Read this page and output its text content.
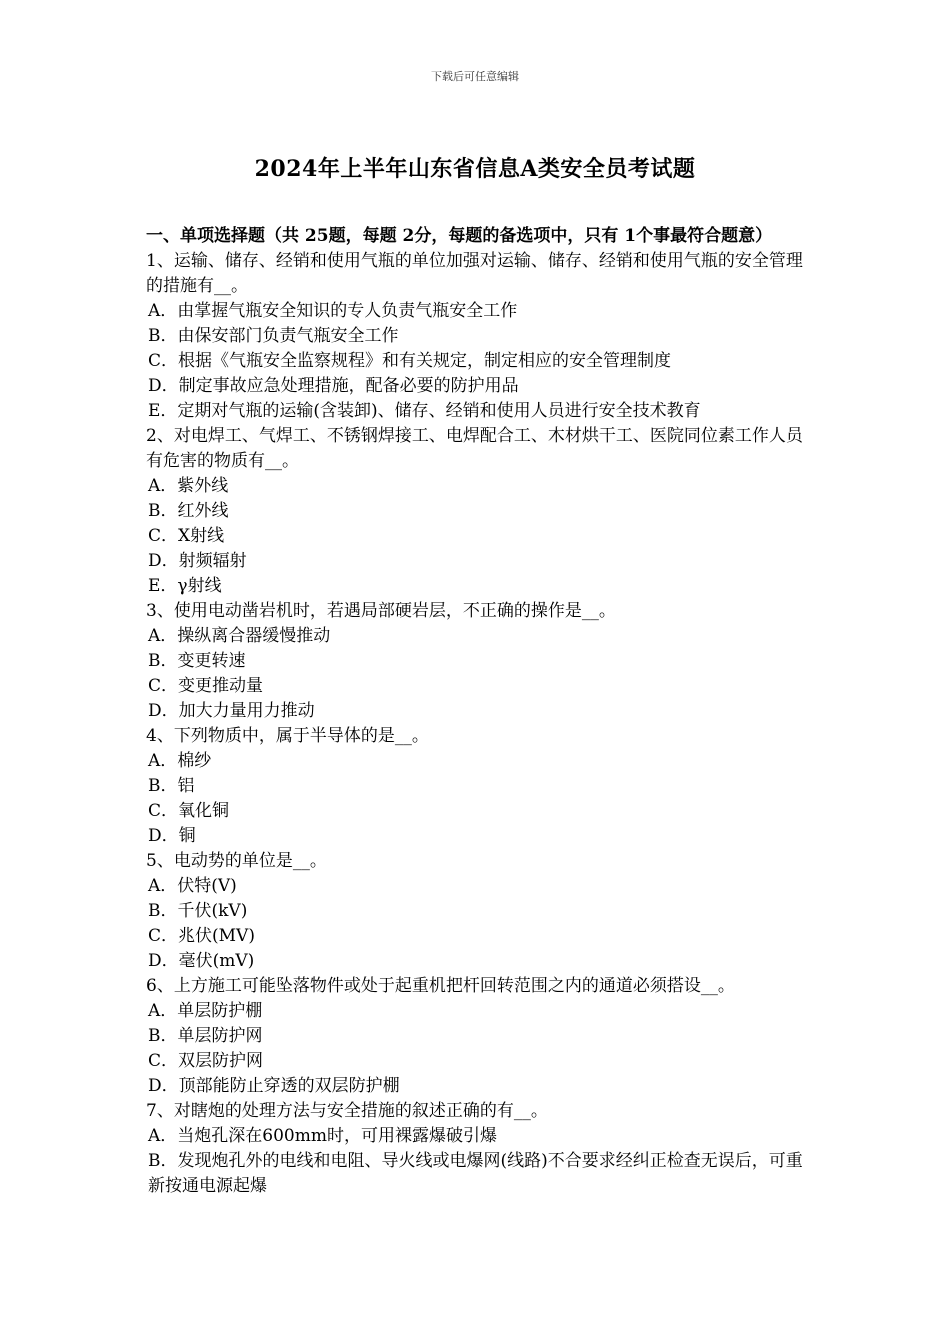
下载后可任意编辑
2024年上半年山东省信息A类安全员考试题

一、单项选择题（共 25题，每题 2分，每题的备选项中，只有 1个事最符合题意）

1、运输、储存、经销和使用气瓶的单位加强对运输、储存、经销和使用气瓶的安全管理的措施有__。

A．由掌握气瓶安全知识的专人负责气瓶安全工作

B．由保安部门负责气瓶安全工作

C．根据《气瓶安全监察规程》和有关规定，制定相应的安全管理制度

D．制定事故应急处理措施，配备必要的防护用品

E．定期对气瓶的运输(含装卸)、储存、经销和使用人员进行安全技术教育

2、对电焊工、气焊工、不锈钢焊接工、电焊配合工、木材烘干工、医院同位素工作人员有危害的物质有__。

A．紫外线

B．红外线

C．X射线

D．射频辐射

E．γ射线

3、使用电动凿岩机时，若遇局部硬岩层，不正确的操作是__。

A．操纵离合器缓慢推动

B．变更转速

C．变更推动量

D．加大力量用力推动

4、下列物质中，属于半导体的是__。

A．棉纱

B．铝

C．氧化铜

D．铜

5、电动势的单位是__。

A．伏特(V)

B．千伏(kV)

C．兆伏(MV)

D．毫伏(mV)

6、上方施工可能坠落物件或处于起重机把杆回转范围之内的通道必须搭设__。

A．单层防护棚

B．单层防护网

C．双层防护网

D．顶部能防止穿透的双层防护棚

7、对瞎炮的处理方法与安全措施的叙述正确的有__。

A．当炮孔深在600mm时，可用裸露爆破引爆

B．发现炮孔外的电线和电阻、导火线或电爆网(线路)不合要求经纠正检查无误后，可重新按通电源起爆
